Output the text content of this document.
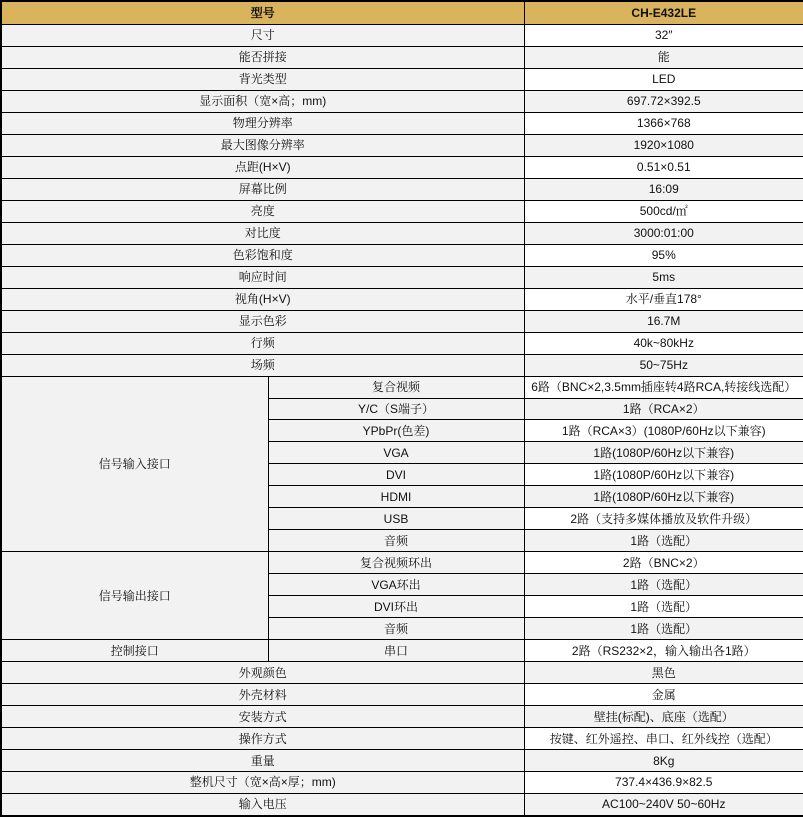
型号		CH-E432LE
尺寸		32″
能否拼接		能
背光类型		LED
显示面积（宽×高；mm)		697.72×392.5
物理分辨率		1366×768
最大图像分辨率		1920×1080
点距(H×V)		0.51×0.51
屏幕比例		16:09
亮度		500cd/㎡
对比度		3000:01:00
色彩饱和度		95%
响应时间		5ms
视角(H×V)		水平/垂直178°
显示色彩		16.7M
行频		40k~80kHz
场频		50~75Hz
信号输入接口	复合视频	6路（BNC×2,3.5mm插座转4路RCA,转接线选配）
	Y/C（S端子）	1路（RCA×2）
	YPbPr(色差)	1路（RCA×3）(1080P/60Hz以下兼容)
	VGA	1路(1080P/60Hz以下兼容)
	DVI	1路(1080P/60Hz以下兼容)
	HDMI	1路(1080P/60Hz以下兼容)
	USB	2路（支持多媒体播放及软件升级）
	音频	1路（选配）
信号输出接口	复合视频环出	2路（BNC×2）
	VGA环出	1路（选配）
	DVI环出	1路（选配）
	音频	1路（选配）
控制接口	串口	2路（RS232×2，输入输出各1路）
外观颜色		黑色
外壳材料		金属
安装方式		壁挂(标配)、底座（选配）
操作方式		按键、红外遥控、串口、红外线控（选配）
重量		8Kg
整机尺寸（宽×高×厚；mm)		737.4×436.9×82.5
输入电压		AC100~240V 50~60Hz
